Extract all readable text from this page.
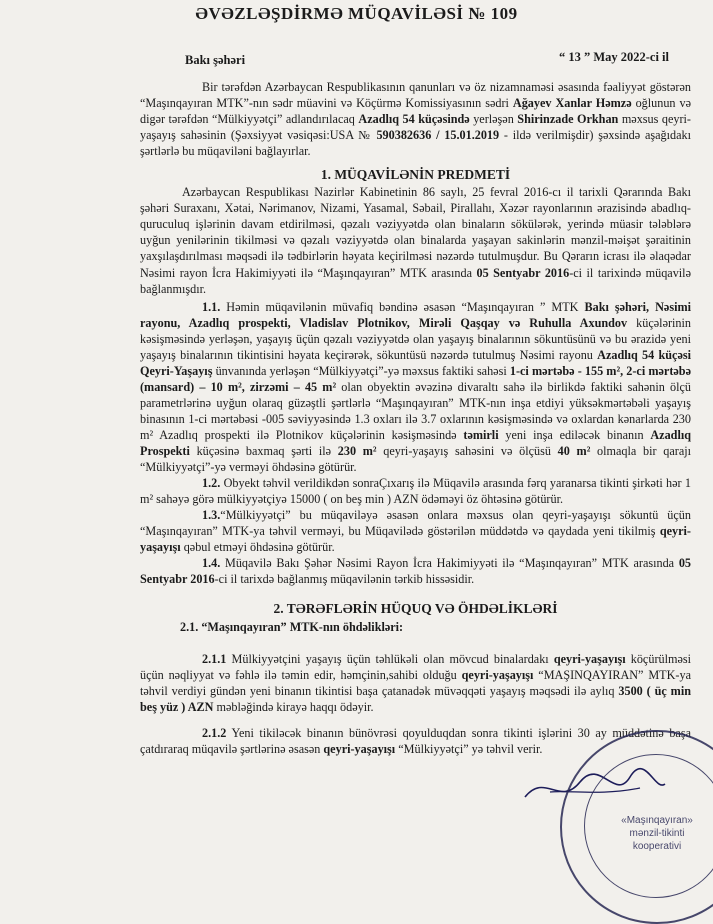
ƏVƏZLƏŞDİRMƏ MÜQAVİLƏSİ № 109
Bakı şəhəri	“ 13 ” May 2022-ci il

Bir tərəfdən Azərbaycan Respublikasının qanunları və öz nizamnaməsi əsasında fəaliyyət göstərən “Maşınqayıran MTK”-nın sədr müavini və Köçürmə Komissiyasının sədri Ağayev Xanlar Həmzə oğlunun və digər tərəfdən “Mülkiyyətçi” adlandırılacaq Azadlıq 54 küçəsində yerləşən Shirinzade Orkhan məxsus qeyri-yaşayış sahəsinin (Şəxsiyyət vəsiqəsi:USA № 590382636 / 15.01.2019 - ildə verilmişdir) şəxsində aşağıdakı şərtlərlə bu müqaviləni bağlayırlar.

1. MÜQAVİLƏNİN PREDMETİ

Azərbaycan Respublikası Nazirlər Kabinetinin 86 saylı, 25 fevral 2016-cı il tarixli Qərarında Bakı şəhəri Suraxanı, Xətai, Nərimanov, Nizami, Yasamal, Səbail, Pirallahı, Xəzər rayonlarının ərazisində abadlıq-quruculuq işlərinin davam etdirilməsi, qəzalı vəziyyətdə olan binaların sökülərək, yerində müasir tələblərə uyğun yenilərinin tikilməsi və qəzalı vəziyyətdə olan binalarda yaşayan sakinlərin mənzil-məişət şəraitinin yaxşılaşdırılması məqsədi ilə tədbirlərin həyata keçirilməsi nəzərdə tutulmuşdur. Bu Qərarın icrası ilə əlaqədar Nəsimi rayon İcra Hakimiyyəti ilə “Maşınqayıran” MTK arasında 05 Sentyabr 2016-ci il tarixində müqavilə bağlanmışdır.

1.1. Həmin müqavilənin müvafiq bəndinə əsasən “Maşınqayıran ” MTK Bakı şəhəri, Nəsimi rayonu, Azadlıq prospekti, Vladislav Plotnikov, Mirəli Qaşqay və Ruhulla Axundov küçələrinin kəsişməsində yerləşən, yaşayış üçün qəzalı vəziyyətdə olan yaşayış binalarının sökuntüsünü və bu ərazidə yeni yaşayış binalarının tikintisini həyata keçirərək, sökuntüsü nəzərdə tutulmuş Nəsimi rayonu Azadlıq 54 küçəsi Qeyri-Yaşayış ünvanında yerləşən “Mülkiyyətçi”-yə məxsus faktiki sahəsi 1-ci mərtəbə - 155 m², 2-ci mərtəbə (mansard) – 10 m², zirzəmi – 45 m² olan obyektin əvəzinə divaraltı sahə ilə birlikdə faktiki sahənin ölçü parametrlərinə uyğun olaraq güzəştli şərtlərlə “Maşınqayıran” MTK-nın inşa etdiyi yüksəkmərtəbəli yaşayış binasının 1-ci mərtəbəsi -005 səviyyəsində 1.3 oxları ilə 3.7 oxlarının kəsişməsində və oxlardan kənarlarda 230 m² Azadlıq prospekti ilə Plotnikov küçələrinin kəsişməsində təmirli yeni inşa ediləcək binanın Azadlıq Prospekti küçəsinə baxmaq şərti ilə 230 m² qeyri-yaşayış sahəsini və ölçüsü 40 m² olmaqla bir qarajı “Mülkiyyətçi”-yə verməyi öhdəsinə götürür.

1.2. Obyekt təhvil verildikdən sonraÇıxarış ilə Müqavilə arasında fərq yaranarsa tikinti şirkəti hər 1 m² sahəyə görə mülkiyyətçiyə 15000 ( on beş min ) AZN ödəməyi öz öhtəsinə götürür.

1.3.“Mülkiyyətçi” bu müqaviləyə əsasən onlara məxsus olan qeyri-yaşayışı sökuntü üçün “Maşınqayıran” MTK-ya təhvil verməyi, bu Müqavilədə göstərilən müddətdə və qaydada yeni tikilmiş qeyri-yaşayışı qəbul etməyi öhdəsinə götürür.

1.4. Müqavilə Bakı Şəhər Nəsimi Rayon İcra Hakimiyyəti ilə “Maşınqayıran” MTK arasında 05 Sentyabr 2016-ci il tarixdə bağlanmış müqavilənin tərkib hissəsidir.

2. TƏRƏFLƏRİN HÜQUQ VƏ ÖHDƏLİKLƏRİ

2.1. “Maşınqayıran” MTK-nın öhdəlikləri:

2.1.1 Mülkiyyətçini yaşayış üçün təhlükəli olan mövcud binalardakı qeyri-yaşayışı köçürülməsi üçün nəqliyyat və fəhlə ilə təmin edir, həmçinin,sahibi olduğu qeyri-yaşayışı “MAŞINQAYIRAN” MTK-ya təhvil verdiyi gündən yeni binanın tikintisi başa çatanadək müvəqqəti yaşayış məqsədi ilə aylıq 3500 ( üç min beş yüz ) AZN məbləğində kirayə haqqı ödəyir.

2.1.2 Yeni tikiləcək binanın bünövrəsi qoyulduqdan sonra tikinti işlərini 30 ay müddətinə başa çatdıraraq müqavilə şərtlərinə əsasən qeyri-yaşayışı “Mülkiyyətçi” yə təhvil verir.

«Maşınqayıran»
mənzil-tikinti
kooperativi
